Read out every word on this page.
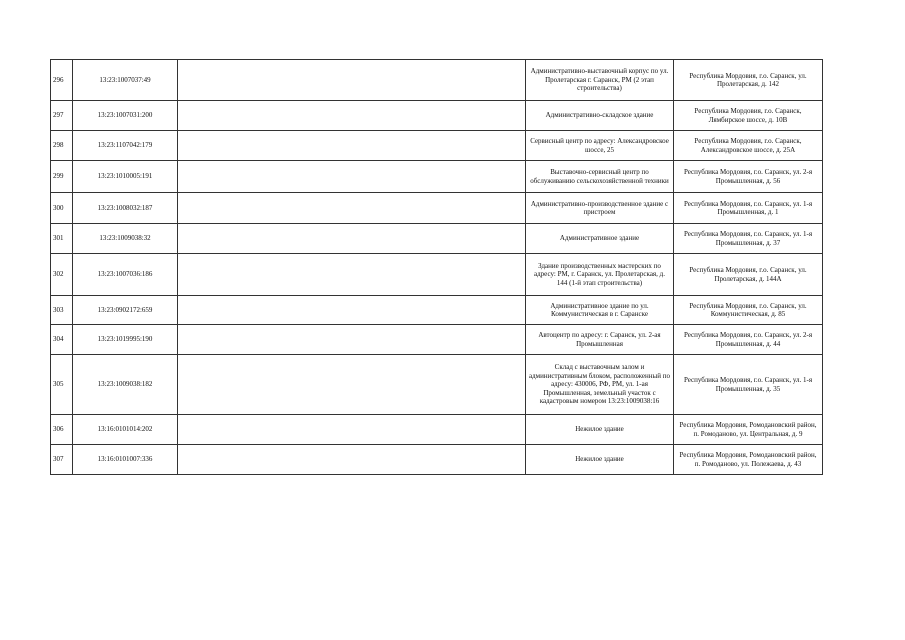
296	13:23:1007037:49		Административно-выставочный корпус по ул. Пролетарская г. Саранск, РМ (2 этап строительства)	Республика Мордовия, г.о. Саранск, ул. Пролетарская, д. 142
297	13:23:1007031:200		Административно-складское здание	Республика Мордовия, г.о. Саранск, Лямбирское шоссе, д. 10В
298	13:23:1107042:179		Сервисный центр по адресу: Александровское шоссе, 25	Республика Мордовия, г.о. Саранск, Александровское шоссе, д. 25А
299	13:23:1010005:191		Выставочно-сервисный центр по обслуживанию сельскохозяйственной техники	Республика Мордовия, г.о. Саранск, ул. 2-я Промышленная, д. 56
300	13:23:1008032:187		Административно-производственное здание с пристроем	Республика Мордовия, г.о. Саранск, ул. 1-я Промышленная, д. 1
301	13:23:1009038:32		Административное здание	Республика Мордовия, г.о. Саранск, ул. 1-я Промышленная, д. 37
302	13:23:1007036:186		Здание производственных мастерских по адресу: РМ, г. Саранск, ул. Пролетарская, д. 144 (1-й этап строительства)	Республика Мордовия, г.о. Саранск, ул. Пролетарская, д. 144А
303	13:23:0902172:659		Административное здание по ул. Коммунистическая в г. Саранске	Республика Мордовия, г.о. Саранск, ул. Коммунистическая, д. 85
304	13:23:1019995:190		Автоцентр по адресу: г. Саранск, ул. 2-ая Промышленная	Республика Мордовия, г.о. Саранск, ул. 2-я Промышленная, д. 44
305	13:23:1009038:182		Склад с выставочным залом и административным блоком, расположенный по адресу: 430006, РФ, РМ, ул. 1-ая Промышленная, земельный участок с кадастровым номером 13:23:1009038:16	Республика Мордовия, г.о. Саранск, ул. 1-я Промышленная, д. 35
306	13:16:0101014:202		Нежилое здание	Республика Мордовия, Ромодановский район, п. Ромоданово, ул. Центральная, д. 9
307	13:16:0101007:336		Нежилое здание	Республика Мордовия, Ромодановский район, п. Ромоданово, ул. Полежаева, д. 43
